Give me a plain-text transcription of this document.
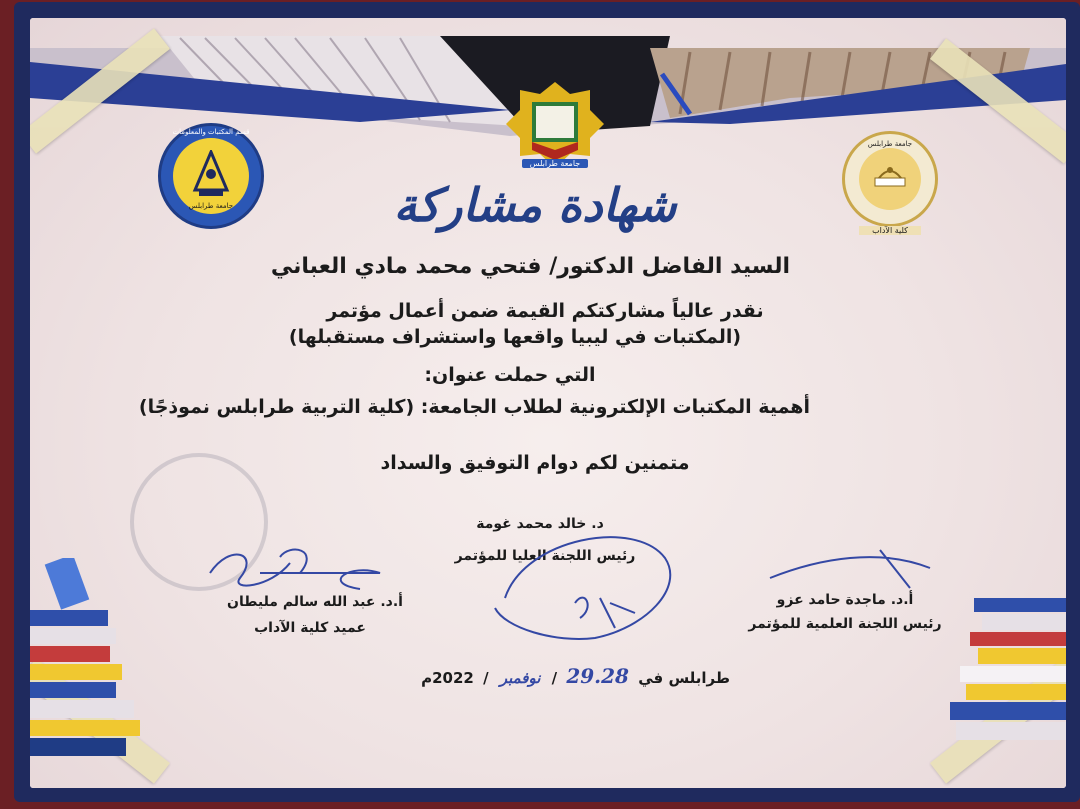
قسم المكتبات والمعلومات
جامعة طرابلس
جامعة طرابلس
جامعة طرابلس
كلية الآداب
شهادة مشاركة
السيد الفاضل الدكتور/ فتحي محمد مادي العباني
نقدر عالياً مشاركتكم القيمة ضمن أعمال مؤتمر
(المكتبات في ليبيا واقعها واستشراف مستقبلها)
التي حملت عنوان:
أهمية المكتبات الإلكترونية لطلاب الجامعة: (كلية التربية طرابلس نموذجًا)
متمنين لكم دوام التوفيق والسداد
د. خالد محمد غومة
رئيس اللجنة العليا للمؤتمر
أ.د. عبد الله سالم مليطان
عميد كلية الآداب
أ.د. ماجدة حامد عزو
رئيس اللجنة العلمية للمؤتمر
طرابلس في 29.28 / نوفمبر / 2022م
